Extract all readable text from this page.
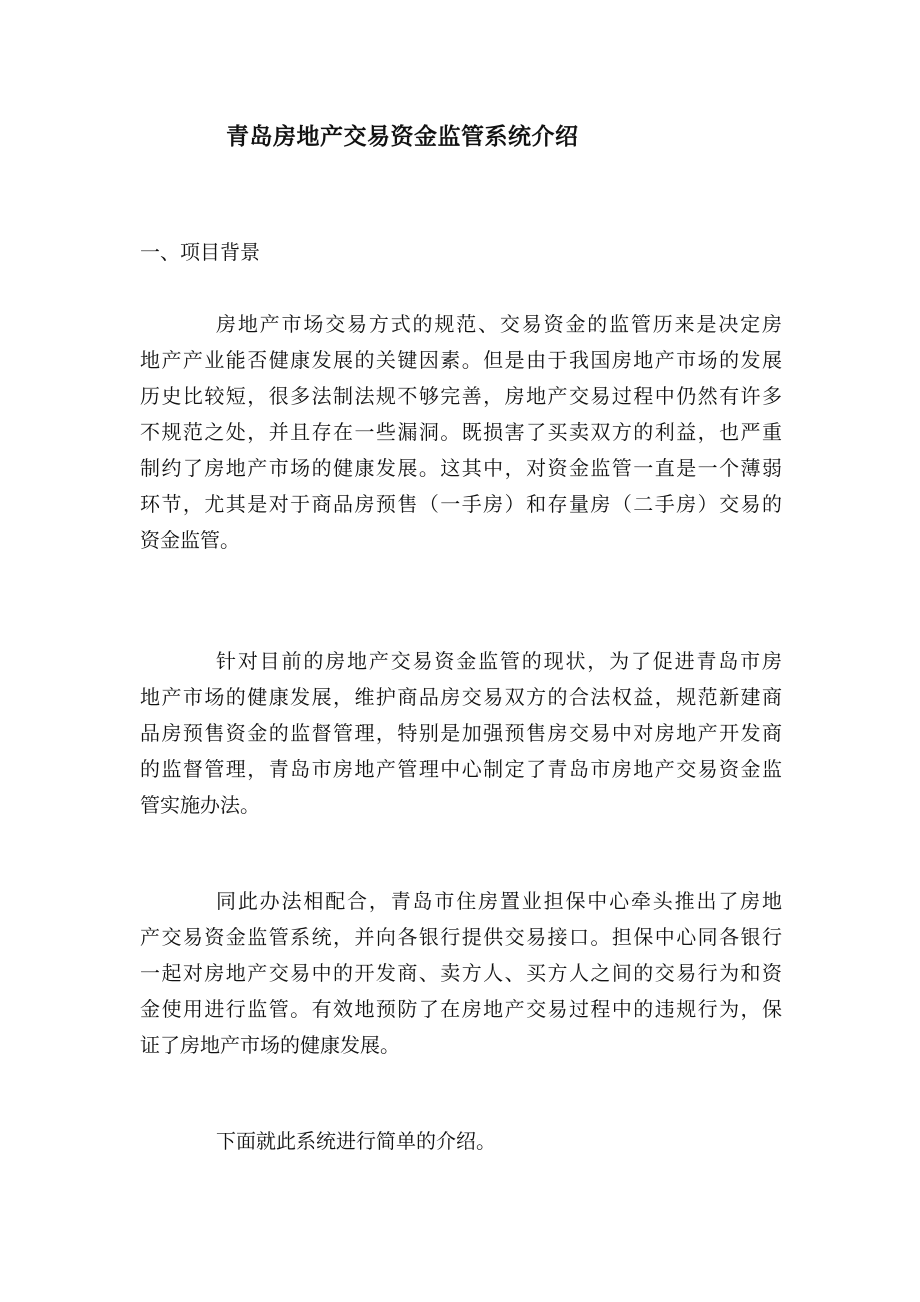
青岛房地产交易资金监管系统介绍
一、项目背景

房地产市场交易方式的规范、交易资金的监管历来是决定房
地产产业能否健康发展的关键因素。但是由于我国房地产市场的发展
历史比较短，很多法制法规不够完善，房地产交易过程中仍然有许多
不规范之处，并且存在一些漏洞。既损害了买卖双方的利益，也严重
制约了房地产市场的健康发展。这其中，对资金监管一直是一个薄弱
环节，尤其是对于商品房预售（一手房）和存量房（二手房）交易的
资金监管。

针对目前的房地产交易资金监管的现状，为了促进青岛市房
地产市场的健康发展，维护商品房交易双方的合法权益，规范新建商
品房预售资金的监督管理，特别是加强预售房交易中对房地产开发商
的监督管理，青岛市房地产管理中心制定了青岛市房地产交易资金监
管实施办法。

同此办法相配合，青岛市住房置业担保中心牵头推出了房地
产交易资金监管系统，并向各银行提供交易接口。担保中心同各银行
一起对房地产交易中的开发商、卖方人、买方人之间的交易行为和资
金使用进行监管。有效地预防了在房地产交易过程中的违规行为，保
证了房地产市场的健康发展。

下面就此系统进行简单的介绍。
